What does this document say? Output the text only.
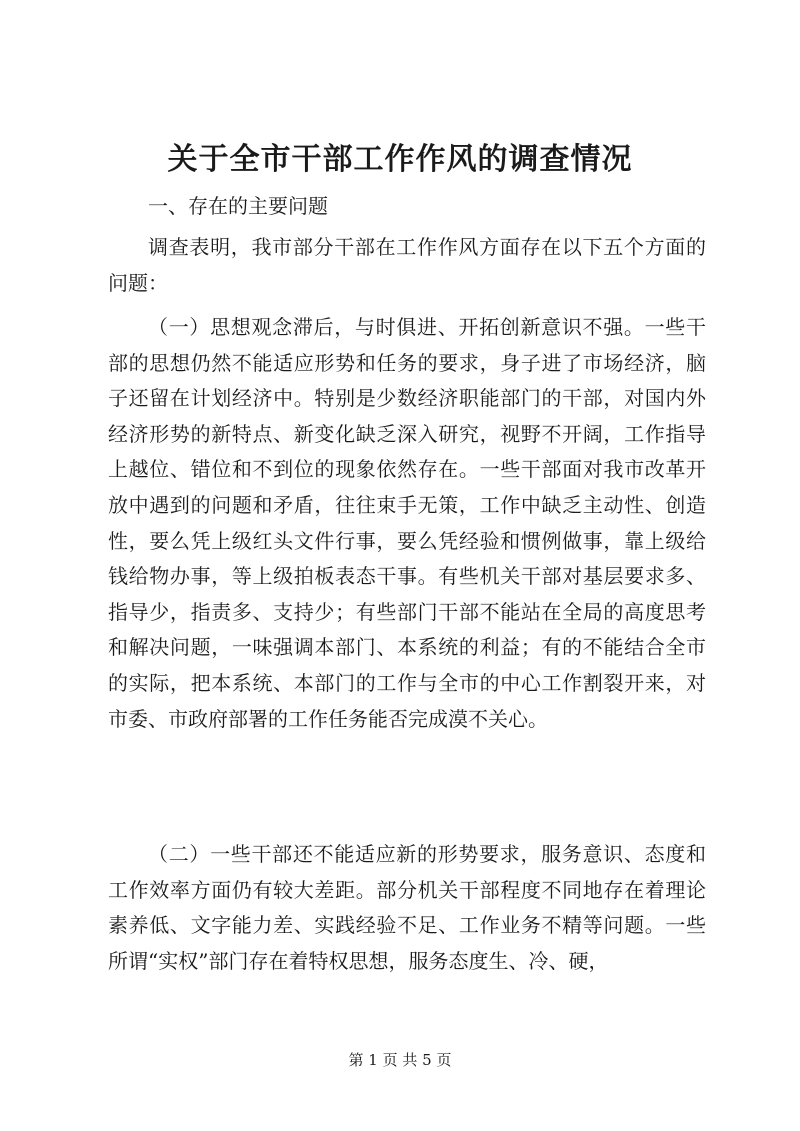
关于全市干部工作作风的调查情况
一、存在的主要问题

调查表明，我市部分干部在工作作风方面存在以下五个方面的问题：

（一）思想观念滞后，与时俱进、开拓创新意识不强。一些干部的思想仍然不能适应形势和任务的要求，身子进了市场经济，脑子还留在计划经济中。特别是少数经济职能部门的干部，对国内外经济形势的新特点、新变化缺乏深入研究，视野不开阔，工作指导上越位、错位和不到位的现象依然存在。一些干部面对我市改革开放中遇到的问题和矛盾，往往束手无策，工作中缺乏主动性、创造性，要么凭上级红头文件行事，要么凭经验和惯例做事，靠上级给钱给物办事，等上级拍板表态干事。有些机关干部对基层要求多、指导少，指责多、支持少；有些部门干部不能站在全局的高度思考和解决问题，一味强调本部门、本系统的利益；有的不能结合全市的实际，把本系统、本部门的工作与全市的中心工作割裂开来，对市委、市政府部署的工作任务能否完成漠不关心。

（二）一些干部还不能适应新的形势要求，服务意识、态度和工作效率方面仍有较大差距。部分机关干部程度不同地存在着理论素养低、文字能力差、实践经验不足、工作业务不精等问题。一些所谓“实权”部门存在着特权思想，服务态度生、冷、硬，

第 1 页 共 5 页
